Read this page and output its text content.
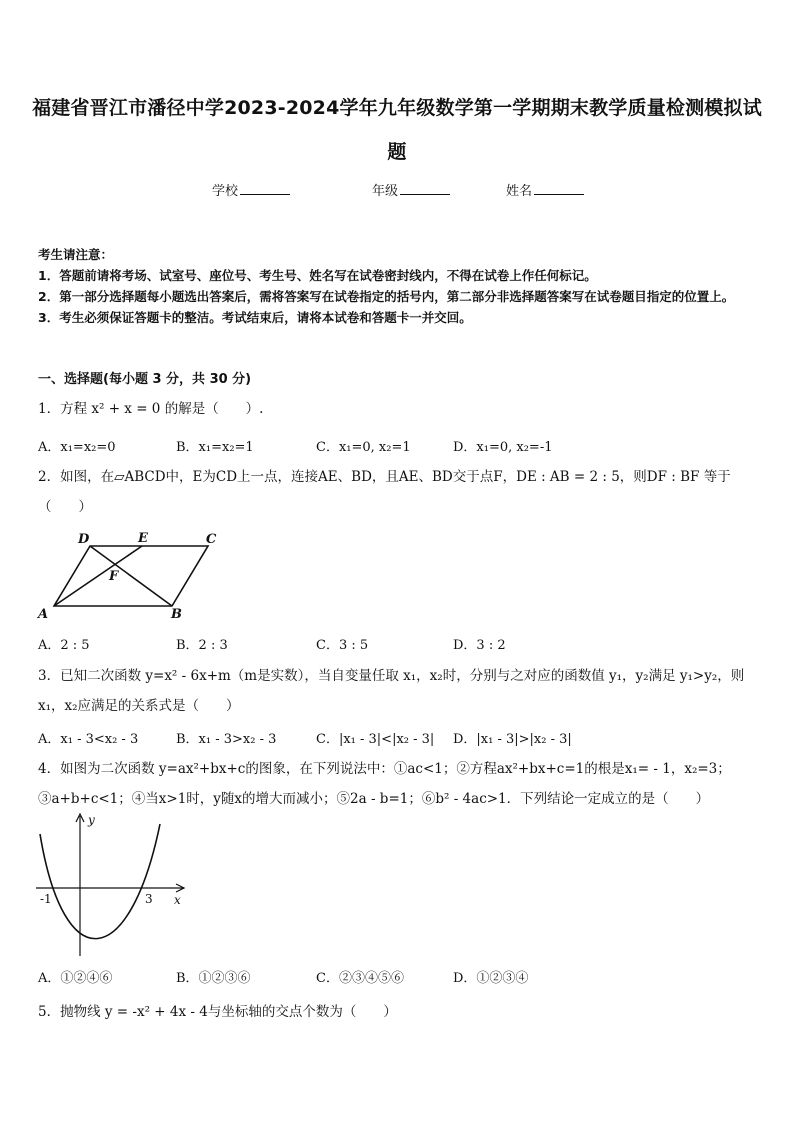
福建省晋江市潘径中学2023-2024学年九年级数学第一学期期末教学质量检测模拟试题
学校	年级	姓名

考生请注意：

1．答题前请将考场、试室号、座位号、考生号、姓名写在试卷密封线内，不得在试卷上作任何标记。

2．第一部分选择题每小题选出答案后，需将答案写在试卷指定的括号内，第二部分非选择题答案写在试卷题目指定的位置上。

3．考生必须保证答题卡的整洁。考试结束后，请将本试卷和答题卡一并交回。

一、选择题(每小题 3 分，共 30 分)
1．方程 x² + x = 0 的解是（　　）.
A．x₁=x₂=0	B．x₁=x₂=1	C．x₁=0, x₂=1	D．x₁=0, x₂=-1
2．如图，在▱ABCD中，E为CD上一点，连接AE、BD，且AE、BD交于点F，DE : AB = 2 : 5，则DF : BF 等于（　　）
D	E	C
F
A	B
A．2 : 5	B．2 : 3	C．3 : 5	D．3 : 2
3．已知二次函数 y=x² - 6x+m（m是实数），当自变量任取 x₁，x₂时，分别与之对应的函数值 y₁，y₂满足 y₁>y₂，则 x₁，x₂应满足的关系式是（　　）
A．x₁ - 3<x₂ - 3	B．x₁ - 3>x₂ - 3	C．|x₁ - 3|<|x₂ - 3| D．|x₁ - 3|>|x₂ - 3|
4．如图为二次函数 y=ax²+bx+c的图象，在下列说法中：①ac<1；②方程ax²+bx+c=1的根是x₁= - 1，x₂=3；③a+b+c<1；④当x>1时，y随x的增大而减小；⑤2a - b=1；⑥b² - 4ac>1．下列结论一定成立的是（　　）
y
x
-1	3
A．①②④⑥	B．①②③⑥	C．②③④⑤⑥	D．①②③④
5．抛物线 y = -x² + 4x - 4与坐标轴的交点个数为（　　）
